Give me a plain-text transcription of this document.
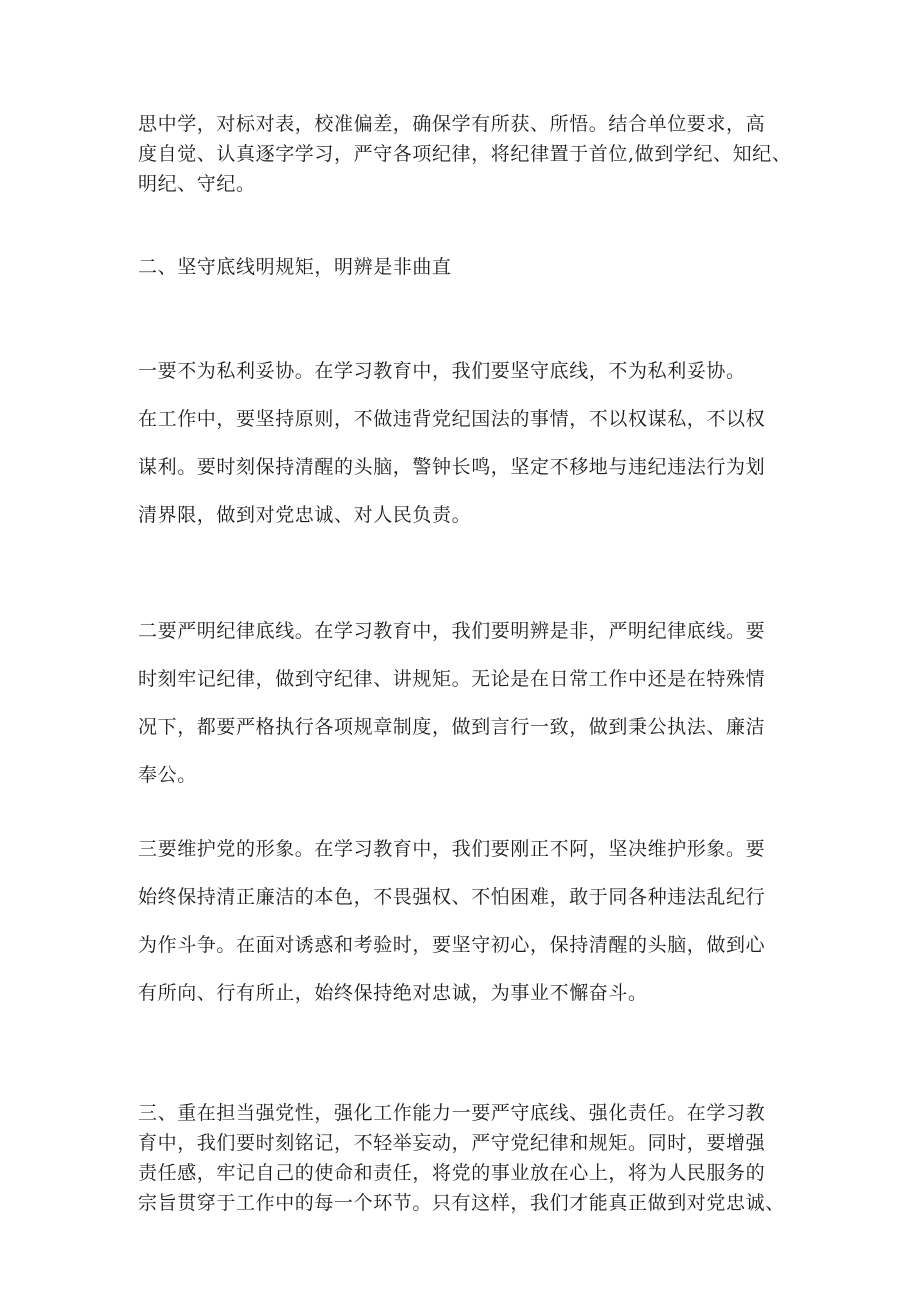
思中学，对标对表，校准偏差，确保学有所获、所悟。结合单位要求，高
度自觉、认真逐字学习，严守各项纪律，将纪律置于首位,做到学纪、知纪、
明纪、守纪。
二、坚守底线明规矩，明辨是非曲直
一要不为私利妥协。在学习教育中，我们要坚守底线，不为私利妥协。
在工作中，要坚持原则，不做违背党纪国法的事情，不以权谋私，不以权
谋利。要时刻保持清醒的头脑，警钟长鸣，坚定不移地与违纪违法行为划
清界限，做到对党忠诚、对人民负责。
二要严明纪律底线。在学习教育中，我们要明辨是非，严明纪律底线。要
时刻牢记纪律，做到守纪律、讲规矩。无论是在日常工作中还是在特殊情
况下，都要严格执行各项规章制度，做到言行一致，做到秉公执法、廉洁
奉公。
三要维护党的形象。在学习教育中，我们要刚正不阿，坚决维护形象。要
始终保持清正廉洁的本色，不畏强权、不怕困难，敢于同各种违法乱纪行
为作斗争。在面对诱惑和考验时，要坚守初心，保持清醒的头脑，做到心
有所向、行有所止，始终保持绝对忠诚，为事业不懈奋斗。
三、重在担当强党性，强化工作能力一要严守底线、强化责任。在学习教
育中，我们要时刻铭记，不轻举妄动，严守党纪律和规矩。同时，要增强
责任感，牢记自己的使命和责任，将党的事业放在心上，将为人民服务的
宗旨贯穿于工作中的每一个环节。只有这样，我们才能真正做到对党忠诚、
